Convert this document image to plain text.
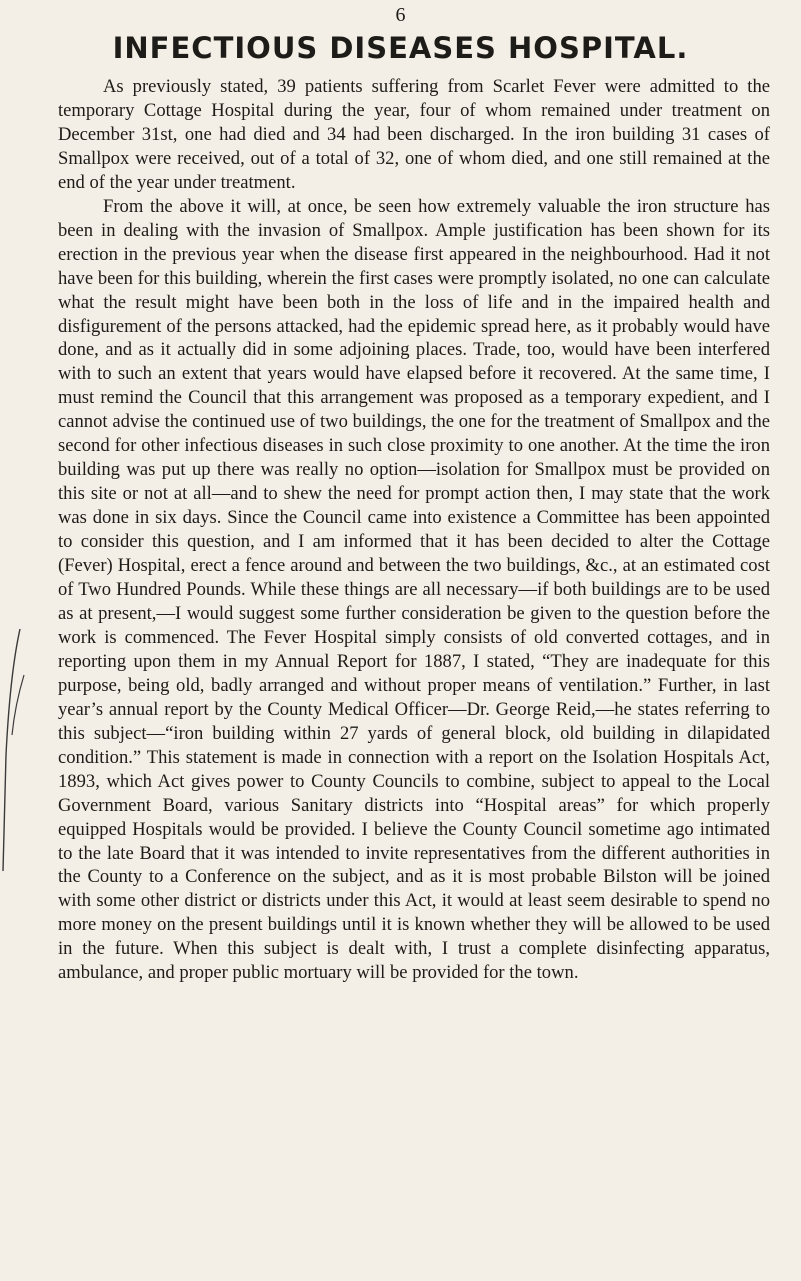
6
INFECTIOUS DISEASES HOSPITAL.

As previously stated, 39 patients suffering from Scarlet Fever were admitted to the temporary Cottage Hospital during the year, four of whom remained under treatment on December 31st, one had died and 34 had been discharged. In the iron building 31 cases of Smallpox were received, out of a total of 32, one of whom died, and one still remained at the end of the year under treatment.

From the above it will, at once, be seen how extremely valuable the iron structure has been in dealing with the invasion of Smallpox. Ample justification has been shown for its erection in the previous year when the disease first appeared in the neighbourhood. Had it not have been for this building, wherein the first cases were promptly isolated, no one can calculate what the result might have been both in the loss of life and in the impaired health and disfigurement of the persons attacked, had the epidemic spread here, as it probably would have done, and as it actually did in some adjoining places. Trade, too, would have been interfered with to such an extent that years would have elapsed before it recovered. At the same time, I must remind the Council that this arrangement was proposed as a temporary expedient, and I cannot advise the continued use of two buildings, the one for the treatment of Smallpox and the second for other infectious diseases in such close proximity to one another. At the time the iron building was put up there was really no option—isolation for Smallpox must be provided on this site or not at all—and to shew the need for prompt action then, I may state that the work was done in six days. Since the Council came into existence a Committee has been appointed to consider this question, and I am informed that it has been decided to alter the Cottage (Fever) Hospital, erect a fence around and between the two buildings, &c., at an estimated cost of Two Hundred Pounds. While these things are all necessary—if both buildings are to be used as at present,—I would suggest some further consideration be given to the question before the work is commenced. The Fever Hospital simply consists of old converted cottages, and in reporting upon them in my Annual Report for 1887, I stated, “They are inadequate for this purpose, being old, badly arranged and without proper means of ventilation.” Further, in last year’s annual report by the County Medical Officer—Dr. George Reid,—he states referring to this subject—“iron building within 27 yards of general block, old building in dilapidated condition.” This statement is made in connection with a report on the Isolation Hospitals Act, 1893, which Act gives power to County Councils to combine, subject to appeal to the Local Government Board, various Sanitary districts into “Hospital areas” for which properly equipped Hospitals would be provided. I believe the County Council sometime ago intimated to the late Board that it was intended to invite representatives from the different authorities in the County to a Conference on the subject, and as it is most probable Bilston will be joined with some other district or districts under this Act, it would at least seem desirable to spend no more money on the present buildings until it is known whether they will be allowed to be used in the future. When this subject is dealt with, I trust a complete disinfecting apparatus, ambulance, and proper public mortuary will be provided for the town.
